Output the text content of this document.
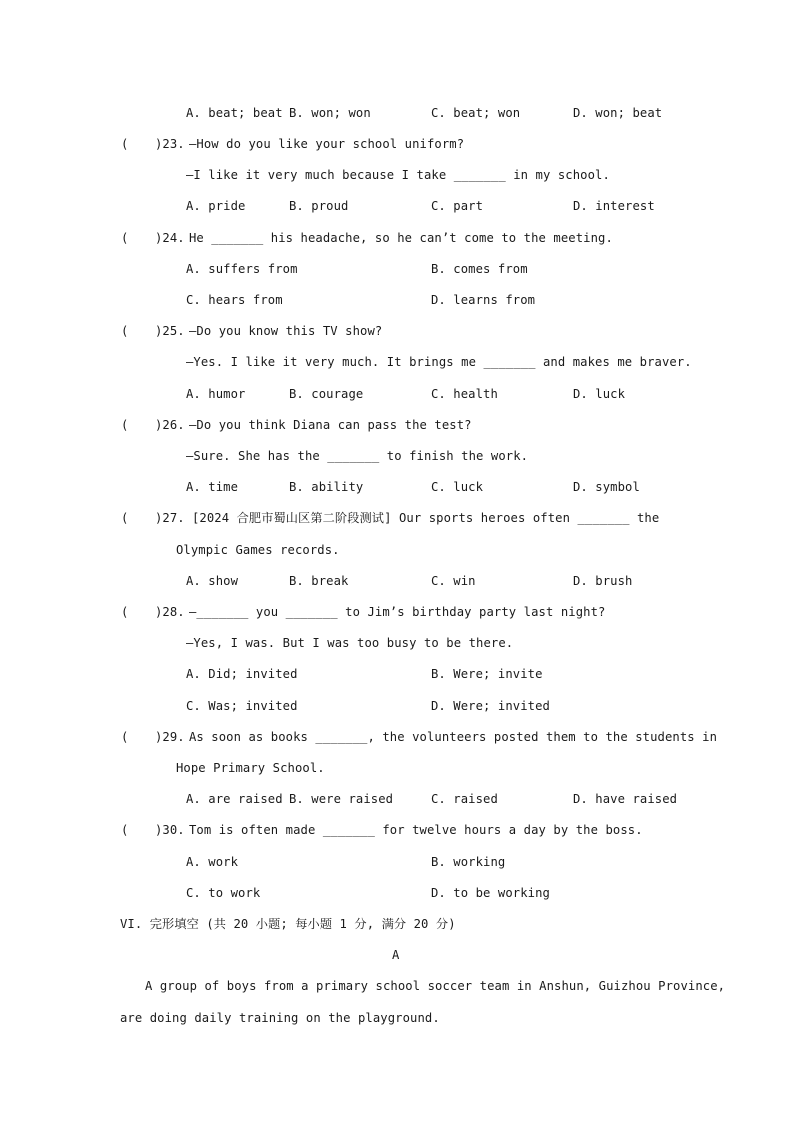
A. beat; beat B. won; won	C. beat; won	D. won; beat
( )23. —How do you like your school uniform?
—I like it very much because I take _______ in my school.
A. pride	B. proud	C. part	D. interest
( )24. He _______ his headache, so he can’t come to the meeting.
A. suffers from	B. comes from
C. hears from	D. learns from
( )25. —Do you know this TV show?
—Yes. I like it very much. It brings me _______ and makes me braver.
A. humor	B. courage	C. health	D. luck
( )26. —Do you think Diana can pass the test?
—Sure. She has the _______ to finish the work.
A. time	B. ability	C. luck	D. symbol
( )27. [2024 合肥市蜀山区第二阶段测试] Our sports heroes often _______ the
Olympic Games records.
A. show	B. break	C. win	D. brush
( )28. —_______ you _______ to Jim’s birthday party last night?
—Yes, I was. But I was too busy to be there.
A. Did; invited	B. Were; invite
C. Was; invited	D. Were; invited
( )29. As soon as books _______, the volunteers posted them to the students in
Hope Primary School.
A. are raised B. were raised	C. raised	D. have raised
( )30. Tom is often made _______ for twelve hours a day by the boss.
A. work	B. working
C. to work	D. to be working
VI. 完形填空 (共 20 小题; 每小题 1 分, 满分 20 分)
A
A group of boys from a primary school soccer team in Anshun, Guizhou Province,
are doing daily training on the playground.
